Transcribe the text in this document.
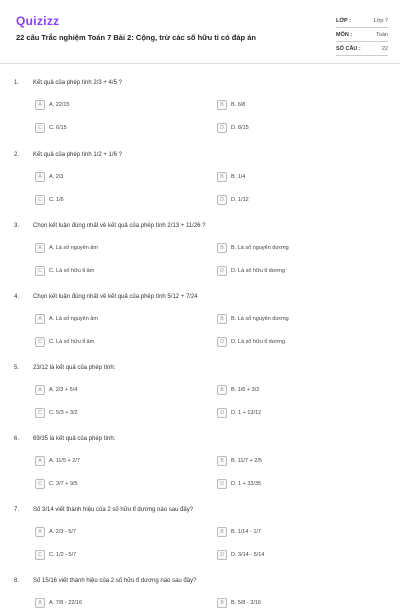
Quizizz
22 câu Trắc nghiệm Toán 7 Bài 2: Cộng, trừ các số hữu tỉ có đáp án
LỚP :	Lớp 7
MÔN :	Toán
SỐ CÂU :	22
1. Kết quả của phép tính 2/3 + 4/5 ?
A	A. 22/15	B	B. 6/8
C	C. 6/15	D	D. 8/15
2. Kết quả của phép tính 1/2 + 1/6 ?
A	A. 2/3	B	B. 1/4
C	C. 1/6	D	D. 1/12
3. Chọn kết luận đúng nhất về kết quả của phép tính 2/13 + 11/26 ?
A	A. Là số nguyên âm	B	B. Là số nguyên dương
C	C. Là số hữu tỉ âm	D	D. Là số hữu tỉ dương
4. Chọn kết luận đúng nhất về kết quả của phép tính 5/12 + 7/24
A	A. Là số nguyên âm	B	B. Là số nguyên dương
C	C. Là số hữu tỉ âm	D	D. Là số hữu tỉ dương
5. 23/12 là kết quả của phép tính:
A	A. 2/3 + 5/4	B	B. 1/6 + 3/2
C	C. 5/3 + 3/2	D	D. 1 + 13/12
6. 69/35 là kết quả của phép tính:
A	A. 11/5 + 2/7	B	B. 11/7 + 2/5
C	C. 3/7 + 9/5	D	D. 1 + 33/35
7. Số 3/14 viết thành hiệu của 2 số hữu tỉ dương nào sau đây?
A	A. 2/3 - 5/7	B	B. 1/14 - 1/7
C	C. 1/2 - 5/7	D	D. 3/14 - 5/14
8. Số 15/16 viết thành hiệu của 2 số hữu tỉ dương nào sau đây?
A	A. 7/8 - 22/16	B	B. 5/8 - 3/16
